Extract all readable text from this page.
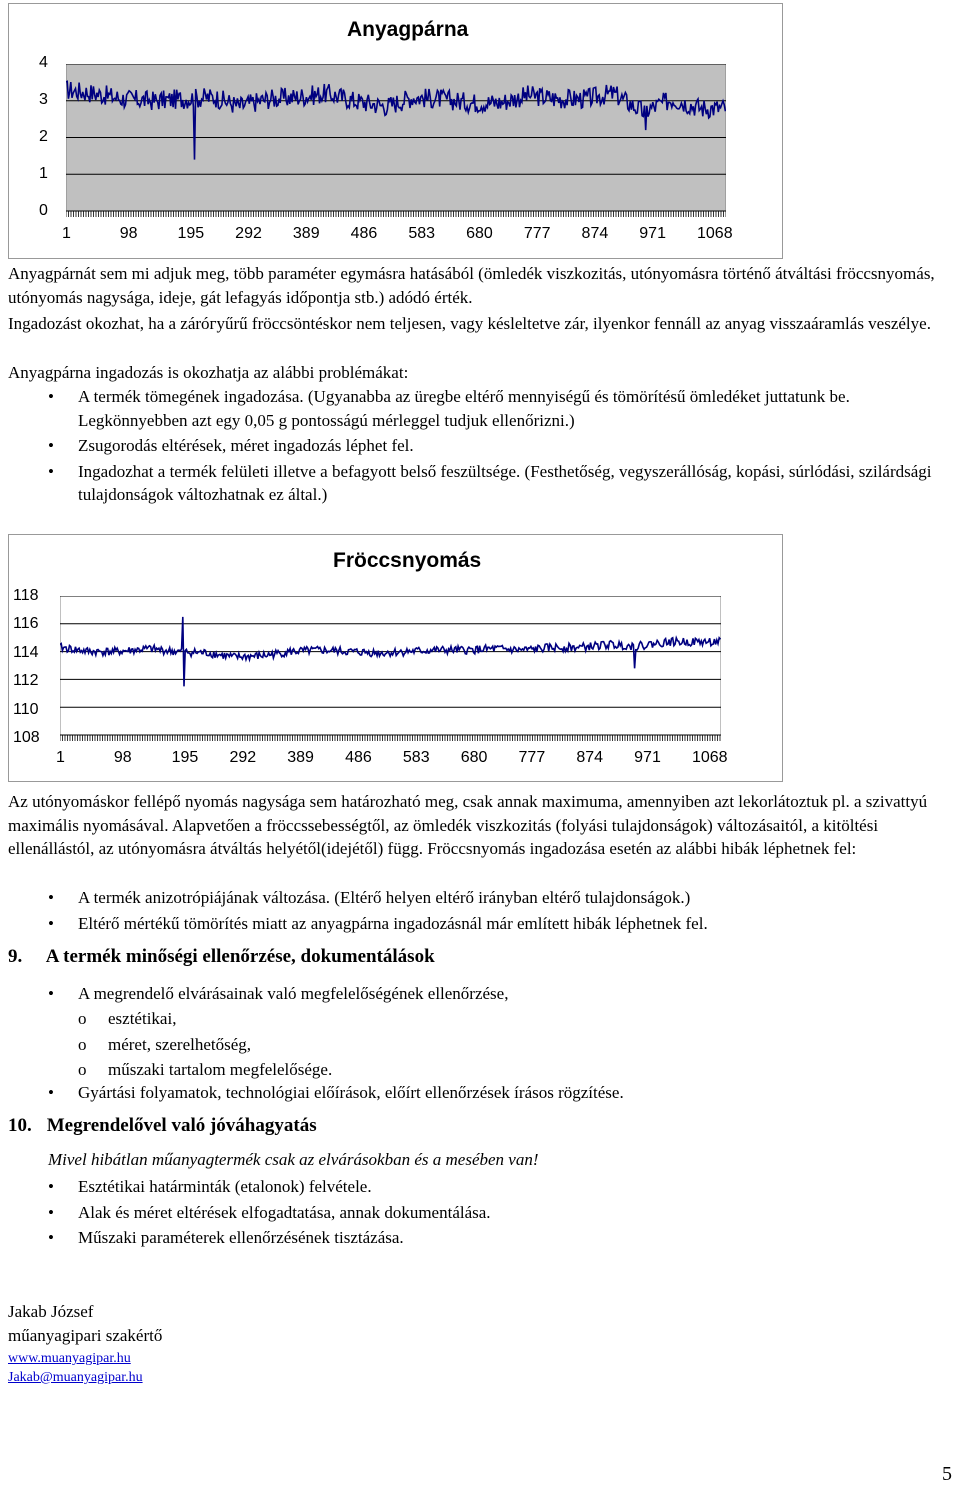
Anyagpárna
4
3
2
1
0
1	98 195 292 389 486 583 680 777 874 971 1068
Anyagpárnát sem mi adjuk meg, több paraméter egymásra hatásából (ömledék viszkozitás, utónyomásra történő átváltási fröccsnyomás, utónyomás nagysága, ideje, gát lefagyás időpontja stb.) adódó érték.
Ingadozást okozhat, ha a záróгyűrű fröccsöntéskor nem teljesen, vagy késleltetve zár, ilyenkor fennáll az anyag visszaáramlás veszélye.
Anyagpárna ingadozás is okozhatja az alábbi problémákat:
• A termék tömegének ingadozása. (Ugyanabba az üregbe eltérő mennyiségű és tömörítésű ömledéket juttatunk be. Legkönnyebben azt egy 0,05 g pontosságú mérleggel tudjuk ellenőrizni.)
• Zsugorodás eltérések, méret ingadozás léphet fel.
• Ingadozhat a termék felületi illetve a befagyott belső feszültsége. (Festhetőség, vegyszerállóság, kopási, súrlódási, szilárdsági tulajdonságok változhatnak ez által.)
Fröccsnyomás
118
116
114
112
110
108
1	98	195 292 389 486 583 680 777 874 971 1068
Az utónyomáskor fellépő nyomás nagysága sem határozható meg, csak annak maximuma, amennyiben azt lekorlátoztuk pl. a szivattyú maximális nyomásával. Alapvetően a fröccssebességtől, az ömledék viszkozitás (folyási tulajdonságok) változásaitól, a kitöltési ellenállástól, az utónyomásra átváltás helyétől(idejétől) függ. Fröccsnyomás ingadozása esetén az alábbi hibák léphetnek fel:
• A termék anizotrópiájának változása. (Eltérő helyen eltérő irányban eltérő tulajdonságok.)
• Eltérő mértékű tömörítés miatt az anyagpárna ingadozásnál már említett hibák léphetnek fel.
9. A termék minőségi ellenőrzése, dokumentálások
• A megrendelő elvárásainak való megfelelőségének ellenőrzése,
o esztétikai,
o méret, szerelhetőség,
o műszaki tartalom megfelelősége.
• Gyártási folyamatok, technológiai előírások, előírt ellenőrzések írásos rögzítése.
10. Megrendelővel való jóváhagyatás
Mivel hibátlan műanyagtermék csak az elvárásokban és a mesében van!
• Esztétikai határminták (etalonok) felvétele.
• Alak és méret eltérések elfogadtatása, annak dokumentálása.
• Műszaki paraméterek ellenőrzésének tisztázása.
Jakab József
műanyagipari szakértő
www.muanyagipar.hu
Jakab@muanyagipar.hu
5
